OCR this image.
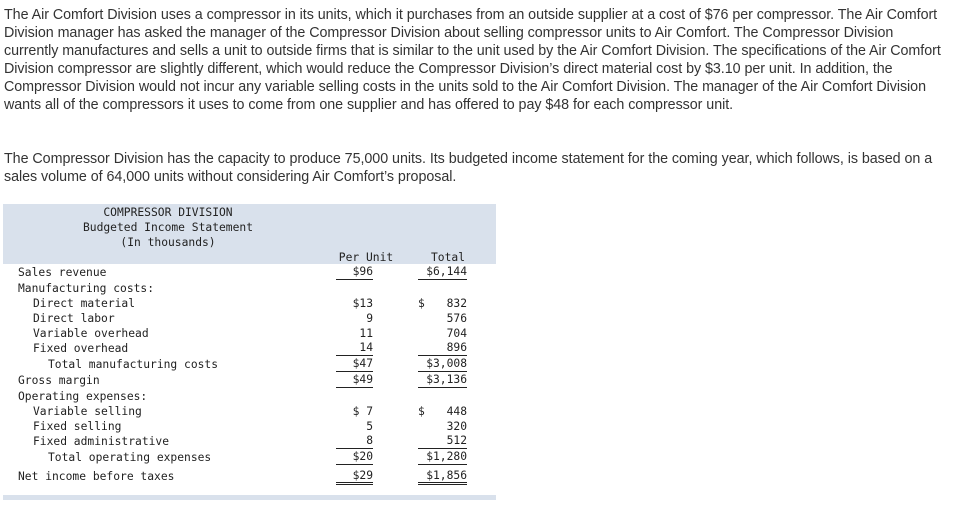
The Air Comfort Division uses a compressor in its units, which it purchases from an outside supplier at a cost of $76 per compressor. The Air Comfort Division manager has asked the manager of the Compressor Division about selling compressor units to Air Comfort. The Compressor Division currently manufactures and sells a unit to outside firms that is similar to the unit used by the Air Comfort Division. The specifications of the Air Comfort Division compressor are slightly different, which would reduce the Compressor Division’s direct material cost by $3.10 per unit. In addition, the Compressor Division would not incur any variable selling costs in the units sold to the Air Comfort Division. The manager of the Air Comfort Division wants all of the compressors it uses to come from one supplier and has offered to pay $48 for each compressor unit.

The Compressor Division has the capacity to produce 75,000 units. Its budgeted income statement for the coming year, which follows, is based on a sales volume of 64,000 units without considering Air Comfort’s proposal.

COMPRESSOR DIVISION
Budgeted Income Statement
(In thousands)
Per Unit	Total
Sales revenue	$96	$6,144
Manufacturing costs:
Direct material	$13	$ 832
Direct labor	9	576
Variable overhead	11	704
Fixed overhead	14	896
Total manufacturing costs	$47	$3,008
Gross margin	$49	$3,136
Operating expenses:
Variable selling	$ 7	$ 448
Fixed selling	5	320
Fixed administrative	8	512
Total operating expenses	$20	$1,280
Net income before taxes	$29	$1,856
